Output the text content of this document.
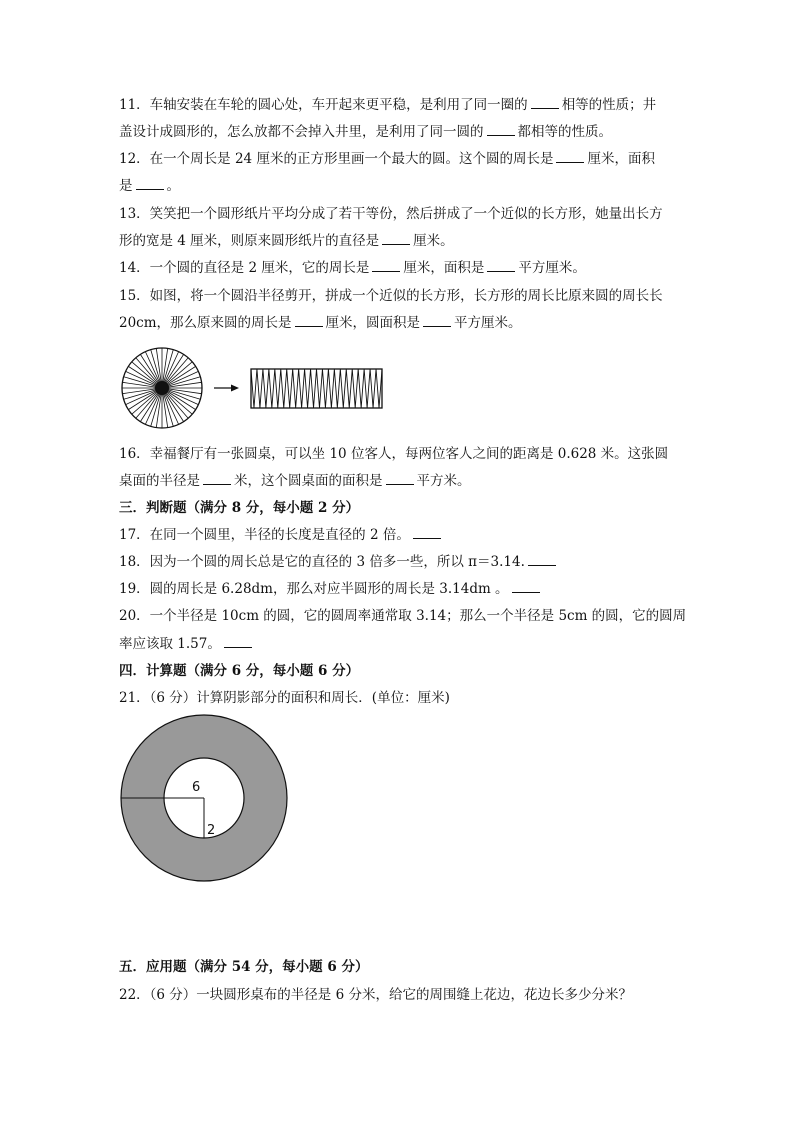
11．车轴安装在车轮的圆心处，车开起来更平稳，是利用了同一圈的	相等的性质；井
盖设计成圆形的，怎么放都不会掉入井里，是利用了同一圆的	都相等的性质。
12．在一个周长是 24 厘米的正方形里画一个最大的圆。这个圆的周长是	厘米，面积
是	。
13．笑笑把一个圆形纸片平均分成了若干等份，然后拼成了一个近似的长方形，她量出长方
形的宽是 4 厘米，则原来圆形纸片的直径是	厘米。
14．一个圆的直径是 2 厘米，它的周长是	厘米，面积是	平方厘米。
15．如图，将一个圆沿半径剪开，拼成一个近似的长方形，长方形的周长比原来圆的周长长
20cm，那么原来圆的周长是	厘米，圆面积是	平方厘米。
16．幸福餐厅有一张圆桌，可以坐 10 位客人，每两位客人之间的距离是 0.628 米。这张圆
桌面的半径是	米，这个圆桌面的面积是	平方米。
三．判断题（满分 8 分，每小题 2 分）
17．在同一个圆里，半径的长度是直径的 2 倍。
18．因为一个圆的周长总是它的直径的 3 倍多一些，所以 π＝3.14.
19．圆的周长是 6.28dm，那么对应半圆形的周长是 3.14dm 。
20．一个半径是 10cm 的圆，它的圆周率通常取 3.14；那么一个半径是 5cm 的圆，它的圆周
率应该取 1.57。
四．计算题（满分 6 分，每小题 6 分）
21．（6 分）计算阴影部分的面积和周长．(单位：厘米)
6
2
五．应用题（满分 54 分，每小题 6 分）
22．（6 分）一块圆形桌布的半径是 6 分米，给它的周围缝上花边，花边长多少分米？
